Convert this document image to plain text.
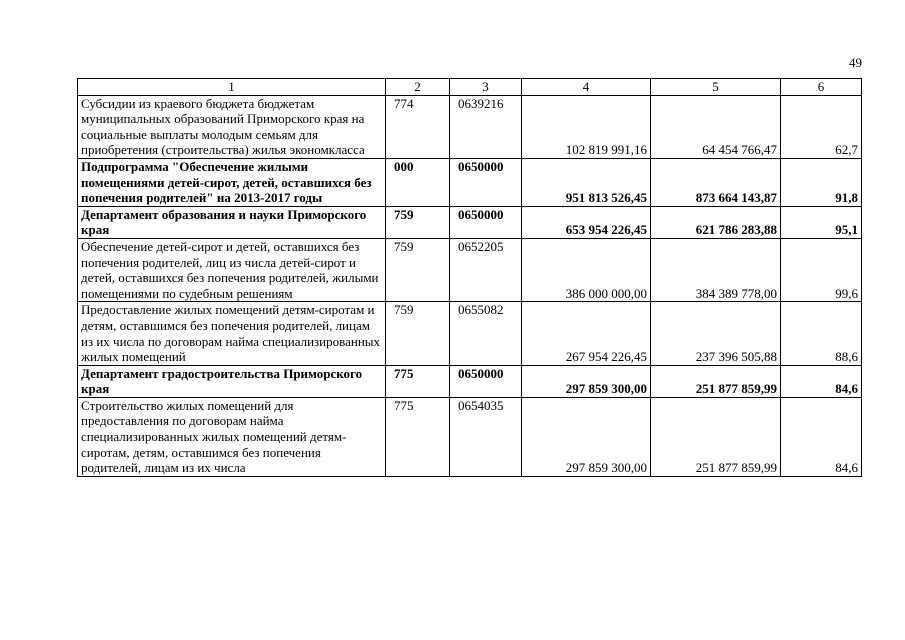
49
1	2	3	4	5	6
Субсидии из краевого бюджета бюджетам муниципальных образований Приморского края на социальные выплаты молодым семьям для приобретения (строительства) жилья экономкласса	774	0639216	102 819 991,16	64 454 766,47	62,7
Подпрограмма "Обеспечение жилыми помещениями детей-сирот, детей, оставшихся без попечения родителей" на 2013-2017 годы	000	0650000	951 813 526,45	873 664 143,87	91,8
Департамент образования и науки Приморского края	759	0650000	653 954 226,45	621 786 283,88	95,1
Обеспечение детей-сирот и детей, оставшихся без попечения родителей, лиц из числа детей-сирот и детей, оставшихся без попечения родителей, жилыми помещениями по судебным решениям	759	0652205	386 000 000,00	384 389 778,00	99,6
Предоставление жилых помещений детям-сиротам и детям, оставшимся без попечения родителей, лицам из их числа по договорам найма специализированных жилых помещений	759	0655082	267 954 226,45	237 396 505,88	88,6
Департамент градостроительства Приморского края	775	0650000	297 859 300,00	251 877 859,99	84,6
Строительство жилых помещений для предоставления по договорам найма специализированных жилых помещений детям-сиротам, детям, оставшимся без попечения родителей, лицам из их числа	775	0654035	297 859 300,00	251 877 859,99	84,6
